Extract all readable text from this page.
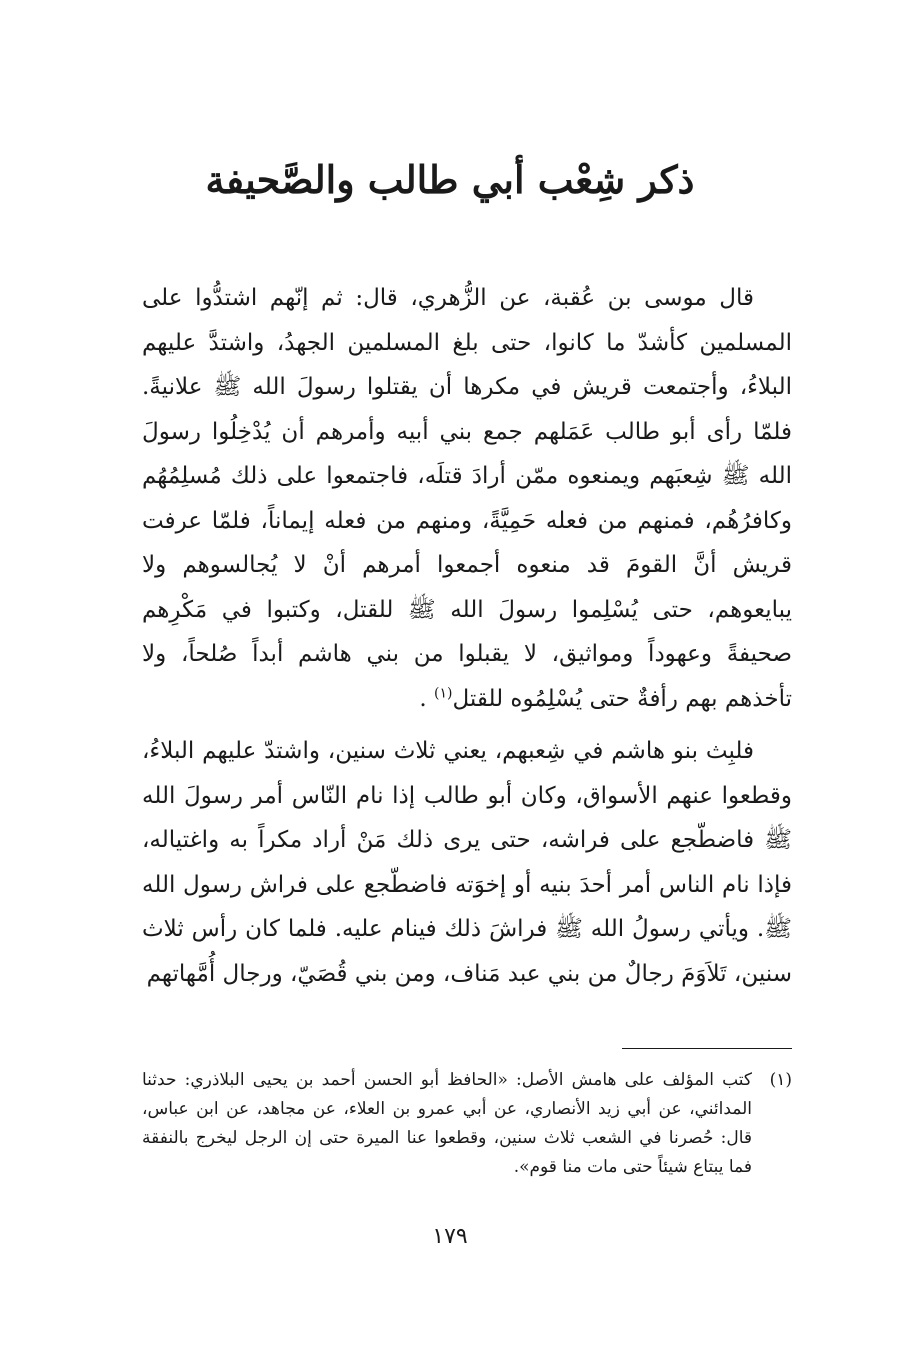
ذكر شِعْب أبي طالب والصَّحيفة

قال موسى بن عُقبة، عن الزُّهري، قال: ثم إنّهم اشتدُّوا على المسلمين كأشدّ ما كانوا، حتى بلغ المسلمين الجهدُ، واشتدَّ عليهم البلاءُ، وأجتمعت قريش في مكرها أن يقتلوا رسولَ الله ﷺ علانيةً. فلمّا رأى أبو طالب عَمَلهم جمع بني أبيه وأمرهم أن يُدْخِلُوا رسولَ الله ﷺ شِعبَهم ويمنعوه ممّن أرادَ قتلَه، فاجتمعوا على ذلك مُسلِمُهُم وكافرُهُم، فمنهم من فعله حَمِيَّةً، ومنهم من فعله إيماناً، فلمّا عرفت قريش أنَّ القومَ قد منعوه أجمعوا أمرهم أنْ لا يُجالسوهم ولا يبايعوهم، حتى يُسْلِموا رسولَ الله ﷺ للقتل، وكتبوا في مَكْرِهم صحيفةً وعهوداً ومواثيق، لا يقبلوا من بني هاشم أبداً صُلحاً، ولا تأخذهم بهم رأفةٌ حتى يُسْلِمُوه للقتل$^{(١)}$ .

فلبِث بنو هاشم في شِعبهم، يعني ثلاث سنين، واشتدّ عليهم البلاءُ، وقطعوا عنهم الأسواق، وكان أبو طالب إذا نام النّاس أمر رسولَ الله ﷺ فاضطّجع على فراشه، حتى يرى ذلك مَنْ أراد مكراً به واغتياله، فإذا نام الناس أمر أحدَ بنيه أو إخوَته فاضطّجع على فراش رسول الله ﷺ. ويأتي رسولُ الله ﷺ فراشَ ذلك فينام عليه. فلما كان رأس ثلاث سنين، تَلاَوَمَ رجالٌ من بني عبد مَناف، ومن بني قُصَيّ، ورجال أُمَّهاتهم

(١)
كتب المؤلف على هامش الأصل: «الحافظ أبو الحسن أحمد بن يحيى البلاذري: حدثنا المدائني، عن أبي زيد الأنصاري، عن أبي عمرو بن العلاء، عن مجاهد، عن ابن عباس، قال: حُصرنا في الشعب ثلاث سنين، وقطعوا عنا الميرة حتى إن الرجل ليخرج بالنفقة فما يبتاع شيئاً حتى مات منا قوم».
١٧٩
